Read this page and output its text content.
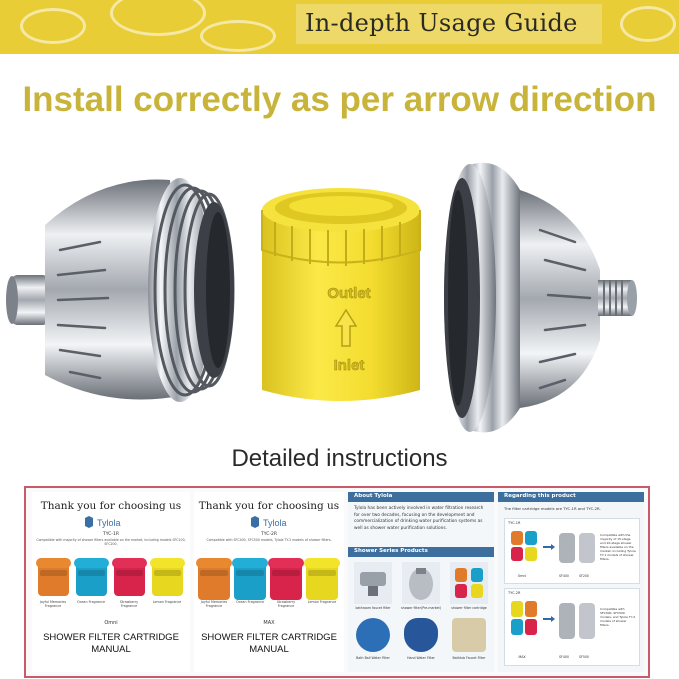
In-depth Usage Guide
Install correctly as per arrow direction
Outlet
Inlet
Detailed instructions
Thank you for choosing us
Tylola
TYC-1R
Compatible with majority of shower filters available on the market, including models SFC100, SFC200,
Joyful Memories Fragrance
Ocean Fragrance	Strawberry Fragrance
Lemon Fragrance
Omni
SHOWER FILTER CARTRIDGE
MANUAL
Thank you for choosing us
Tylola
TYC-2R
Compatible with SFC400, SFC500 models, Tylola TY-2 models of shower filters.
Joyful Memories Fragrance
Ocean Fragrance	Strawberry Fragrance
Lemon Fragrance
MAX
SHOWER FILTER CARTRIDGE
MANUAL
About Tylola
Tylola has been actively involved in water filtration research for over two decades, focusing on the development and commercialization of drinking water purification systems as well as shower water purification solutions.
Shower Series Products
bathroom faucet filter	shower filter(Pre-market)	shower filter cartridge
Bath Ball Water Filter	Hand Water Filter	Bathtub Faucet Filter
Regarding this product
The filter cartridge models are TYC-1R and TYC-2R.
TYC-1R
Omni	SF400	SF200
Compatible with the majority of 15-stage and 20-stage shower filters available on the market, including Tylola TY-1 models of shower filters.
TYC-2R
MAX	SF400	SF500
Compatible with SFC400, SFC500 models, and Tylola TY-2 models of shower filters.
